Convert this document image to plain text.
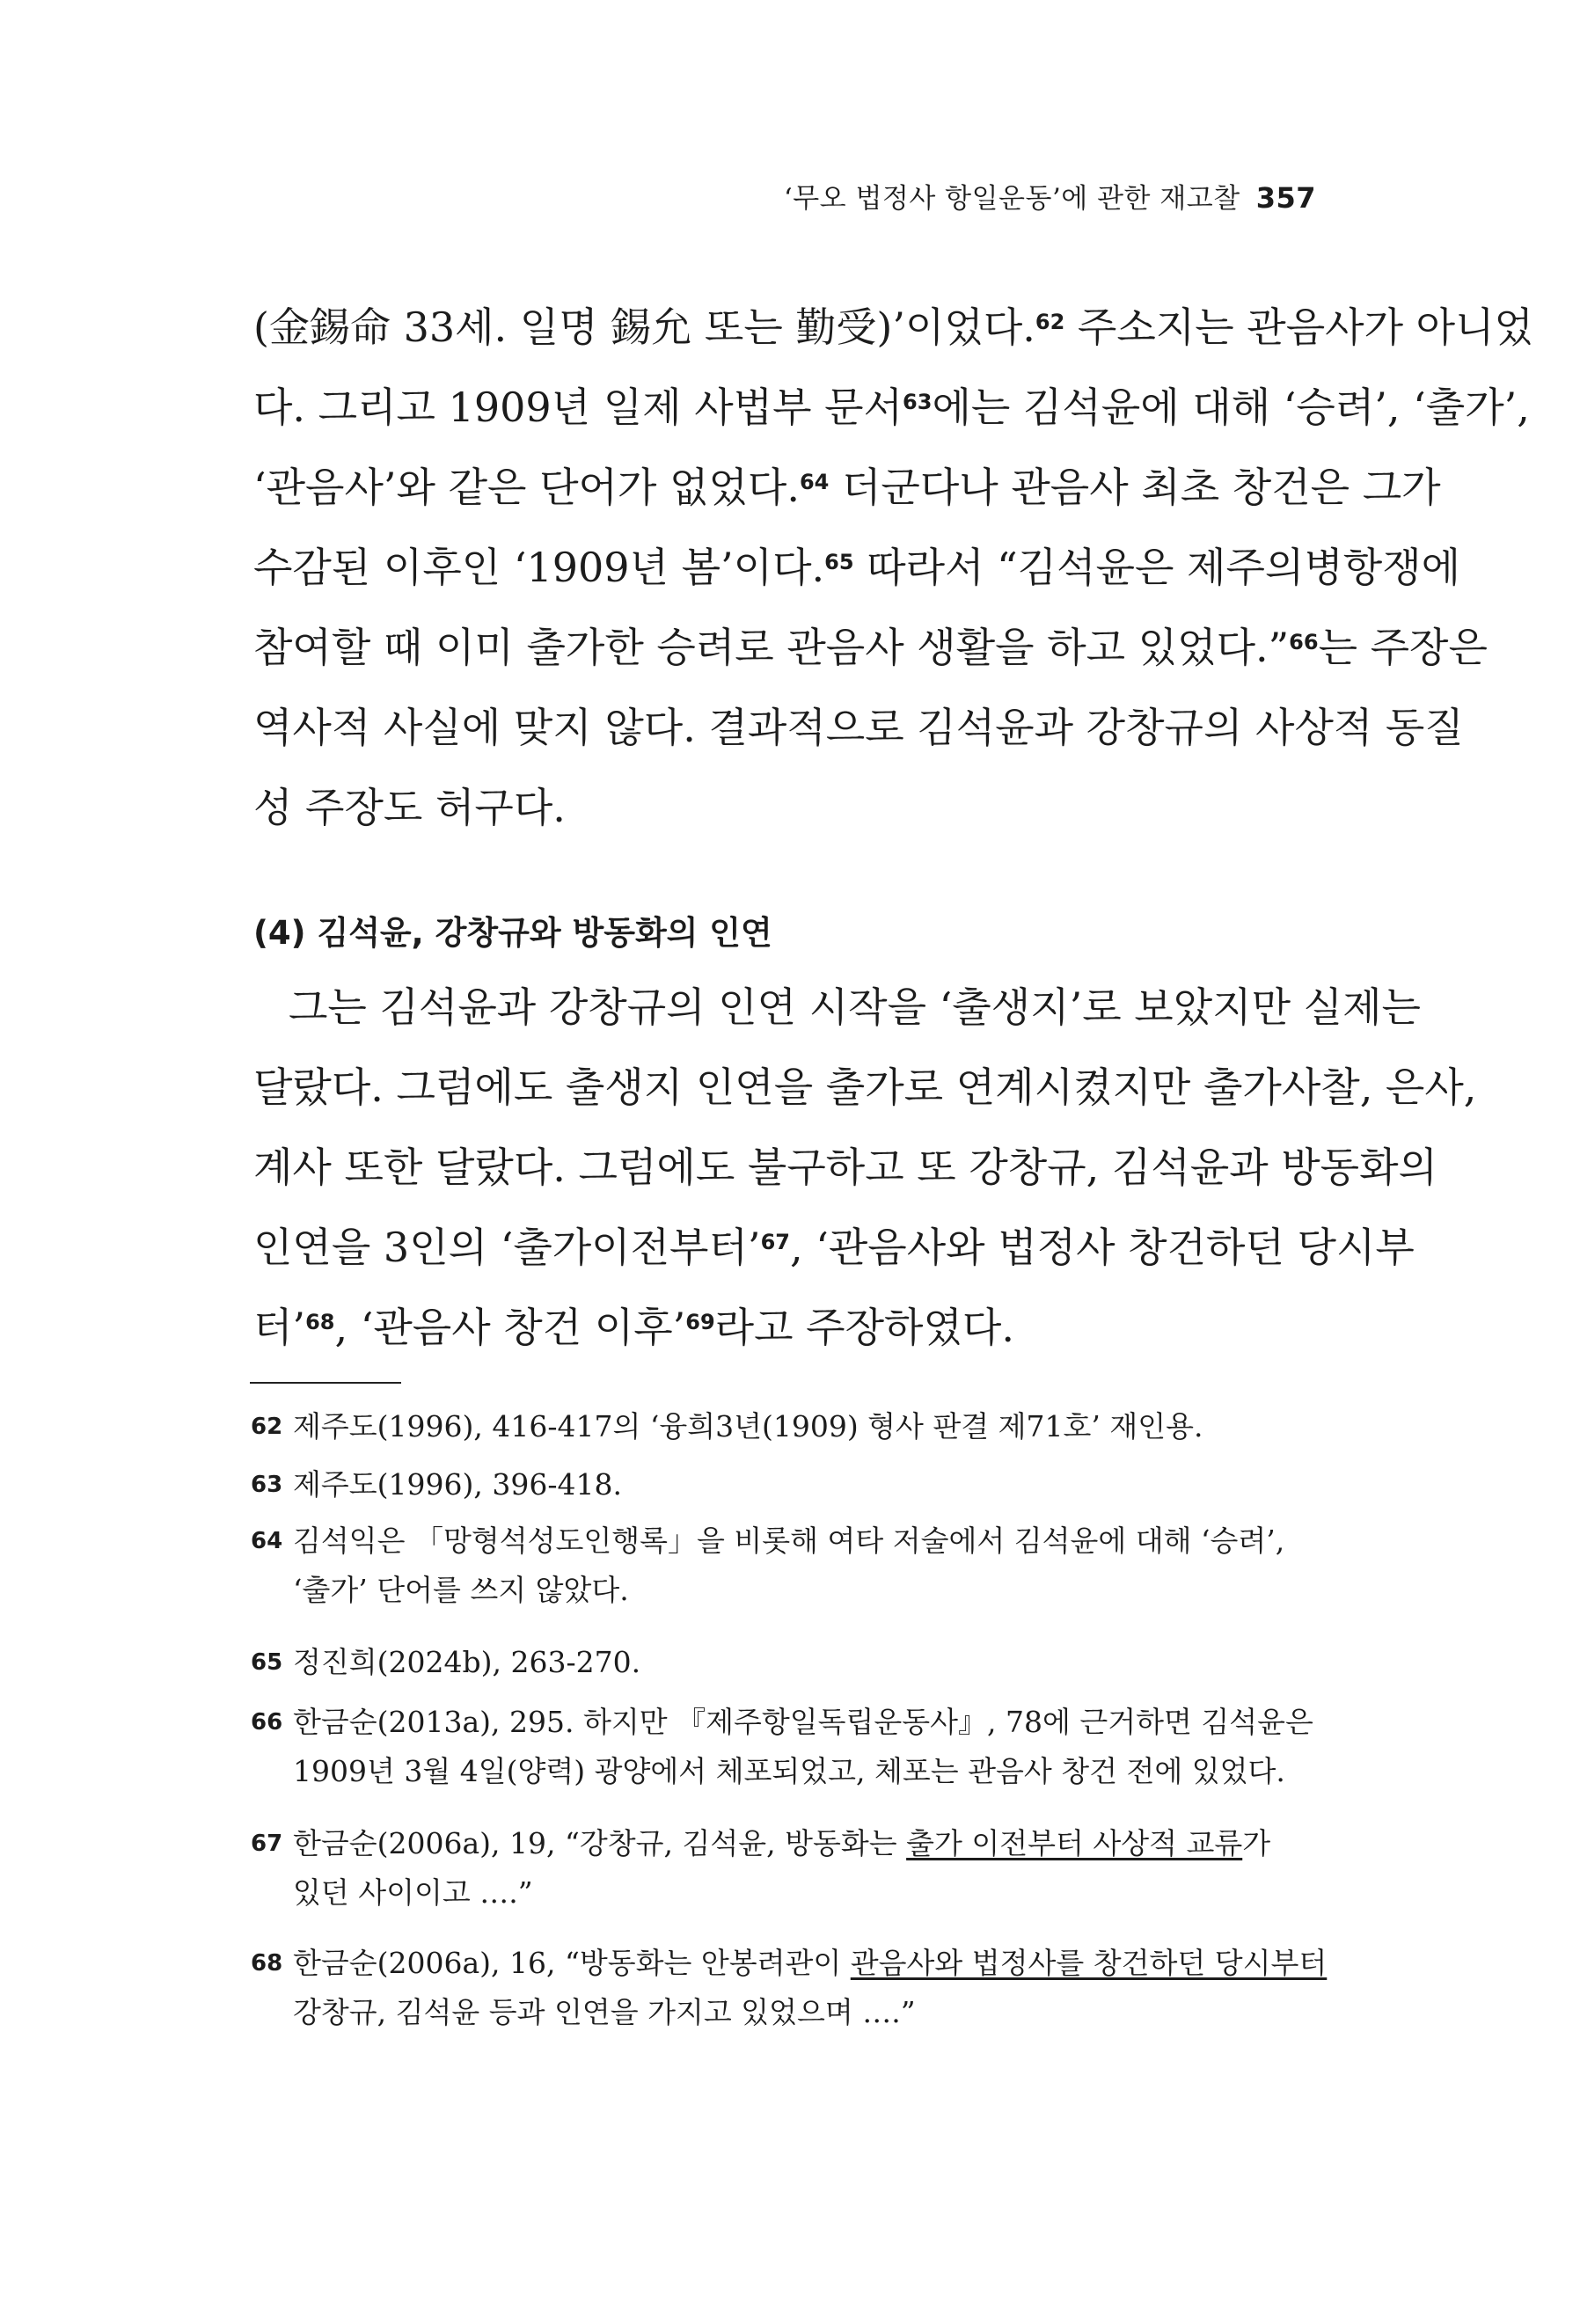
‘무오 법정사 항일운동’에 관한 재고찰 357
(金錫命 33세. 일명 錫允 또는 勤受)’이었다.$^{62}$ 주소지는 관음사가 아니었
다. 그리고 1909년 일제 사법부 문서$^{63}$에는 김석윤에 대해 ‘승려’, ‘출가’,
‘관음사’와 같은 단어가 없었다.$^{64}$ 더군다나 관음사 최초 창건은 그가
수감된 이후인 ‘1909년 봄’이다.$^{65}$ 따라서 “김석윤은 제주의병항쟁에
참여할 때 이미 출가한 승려로 관음사 생활을 하고 있었다.”$^{66}$는 주장은
역사적 사실에 맞지 않다. 결과적으로 김석윤과 강창규의 사상적 동질
성 주장도 허구다.
(4) 김석윤, 강창규와 방동화의 인연
그는 김석윤과 강창규의 인연 시작을 ‘출생지’로 보았지만 실제는
달랐다. 그럼에도 출생지 인연을 출가로 연계시켰지만 출가사찰, 은사,
계사 또한 달랐다. 그럼에도 불구하고 또 강창규, 김석윤과 방동화의
인연을 3인의 ‘출가이전부터’$^{67}$, ‘관음사와 법정사 창건하던 당시부
터’$^{68}$, ‘관음사 창건 이후’$^{69}$라고 주장하였다.
62 제주도(1996), 416-417의 ‘융희3년(1909) 형사 판결 제71호’ 재인용.
63 제주도(1996), 396-418.
64 김석익은 「망형석성도인행록」을 비롯해 여타 저술에서 김석윤에 대해 ‘승려’,
‘출가’ 단어를 쓰지 않았다.
65 정진희(2024b), 263-270.
66 한금순(2013a), 295. 하지만 『제주항일독립운동사』, 78에 근거하면 김석윤은
1909년 3월 4일(양력) 광양에서 체포되었고, 체포는 관음사 창건 전에 있었다.
67 한금순(2006a), 19, “강창규, 김석윤, 방동화는 출가 이전부터 사상적 교류가
있던 사이이고 ….”
68 한금순(2006a), 16, “방동화는 안봉려관이 관음사와 법정사를 창건하던 당시부터
강창규, 김석윤 등과 인연을 가지고 있었으며 ….”
